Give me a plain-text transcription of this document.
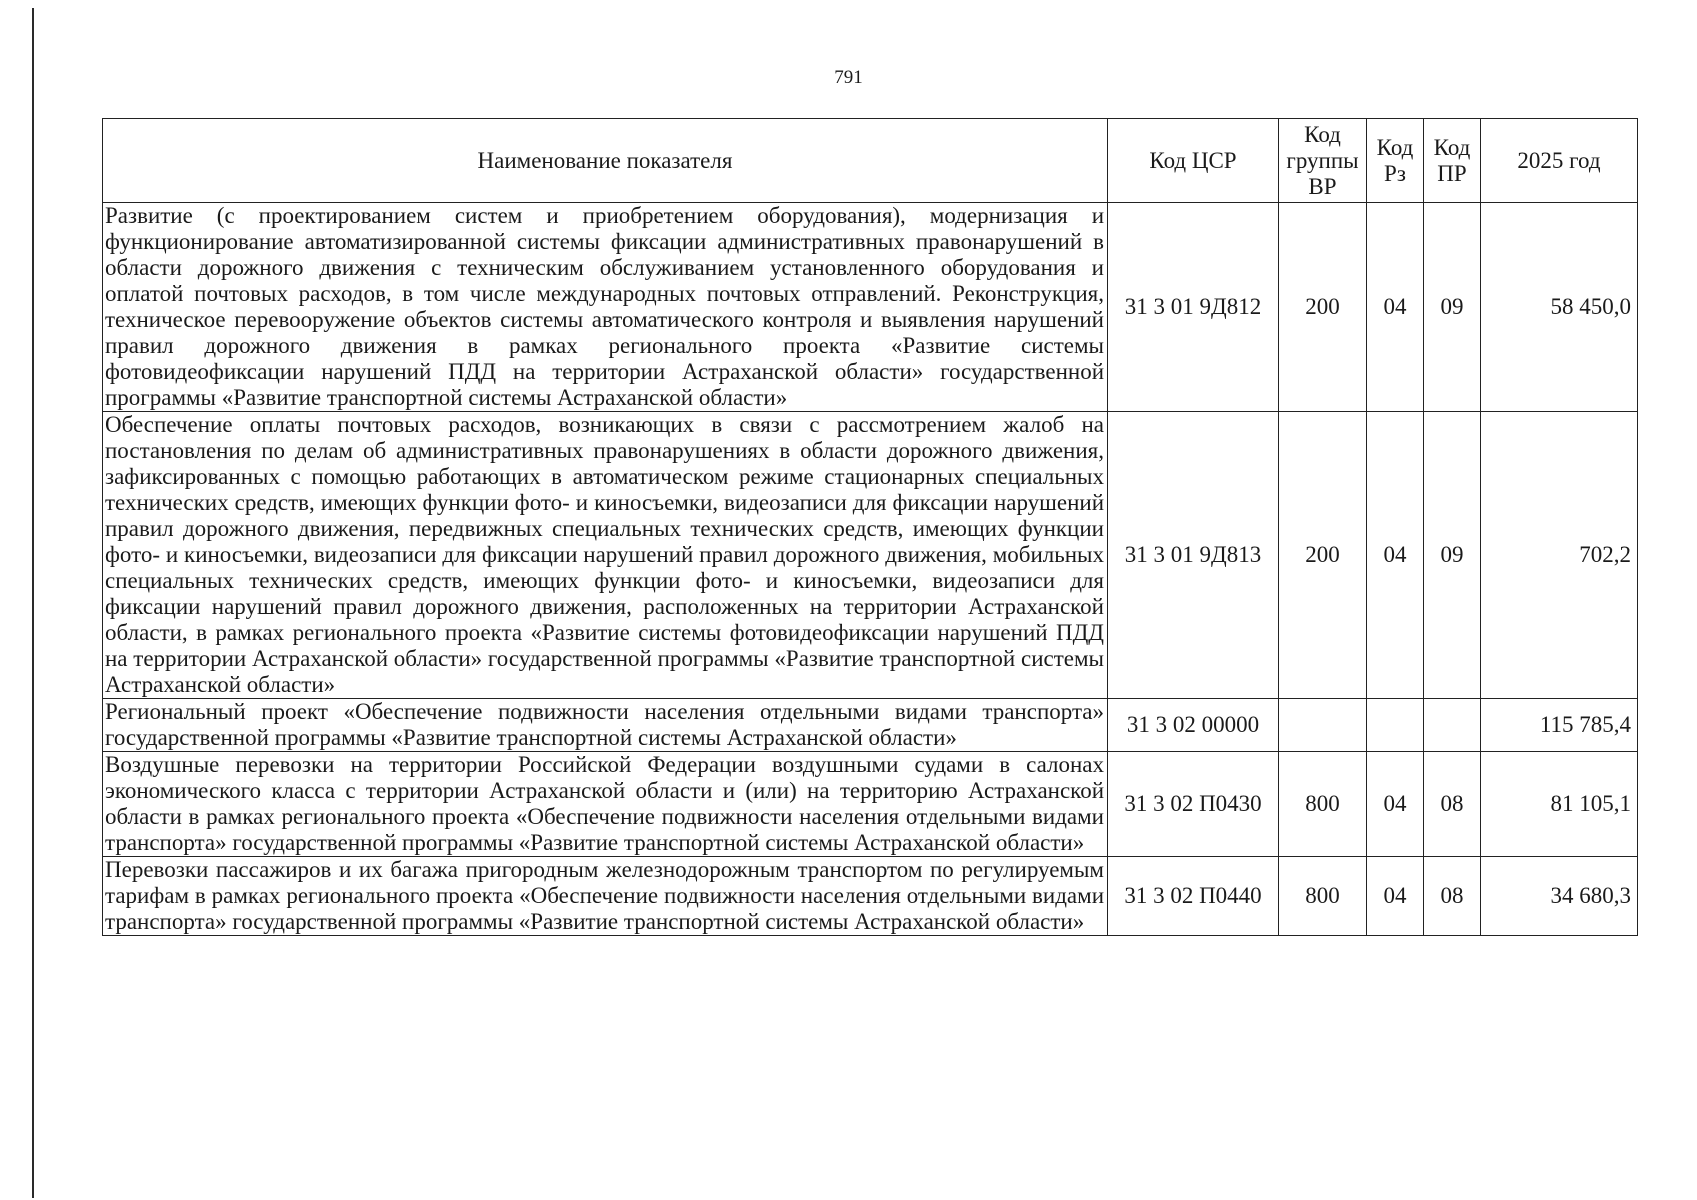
791
Наименование показателя	Код ЦСР	Код группы ВР	Код Рз	Код ПР	2025 год
Развитие (с проектированием систем и приобретением оборудования), модернизация и функционирование автоматизированной системы фиксации административных правонарушений в области дорожного движения с техническим обслуживанием установленного оборудования и оплатой почтовых расходов, в том числе международных почтовых отправлений. Реконструкция, техническое перевооружение объектов системы автоматического контроля и выявления нарушений правил дорожного движения в рамках регионального проекта «Развитие системы фотовидеофиксации нарушений ПДД на территории Астраханской области» государственной программы «Развитие транспортной системы Астраханской области»	31 3 01 9Д812	200	04	09	58 450,0
Обеспечение оплаты почтовых расходов, возникающих в связи с рассмотрением жалоб на постановления по делам об административных правонарушениях в области дорожного движения, зафиксированных с помощью работающих в автоматическом режиме стационарных специальных технических средств, имеющих функции фото- и киносъемки, видеозаписи для фиксации нарушений правил дорожного движения, передвижных специальных технических средств, имеющих функции фото- и киносъемки, видеозаписи для фиксации нарушений правил дорожного движения, мобильных специальных технических средств, имеющих функции фото- и киносъемки, видеозаписи для фиксации нарушений правил дорожного движения, расположенных на территории Астраханской области, в рамках регионального проекта «Развитие системы фотовидеофиксации нарушений ПДД на территории Астраханской области» государственной программы «Развитие транспортной системы Астраханской области»	31 3 01 9Д813	200	04	09	702,2
Региональный проект «Обеспечение подвижности населения отдельными видами транспорта» государственной программы «Развитие транспортной системы Астраханской области»	31 3 02 00000				115 785,4
Воздушные перевозки на территории Российской Федерации воздушными судами в салонах экономического класса с территории Астраханской области и (или) на территорию Астраханской области в рамках регионального проекта «Обеспечение подвижности населения отдельными видами транспорта» государственной программы «Развитие транспортной системы Астраханской области»	31 3 02 П0430	800	04	08	81 105,1
Перевозки пассажиров и их багажа пригородным железнодорожным транспортом по регулируемым тарифам в рамках регионального проекта «Обеспечение подвижности населения отдельными видами транспорта» государственной программы «Развитие транспортной системы Астраханской области»	31 3 02 П0440	800	04	08	34 680,3
